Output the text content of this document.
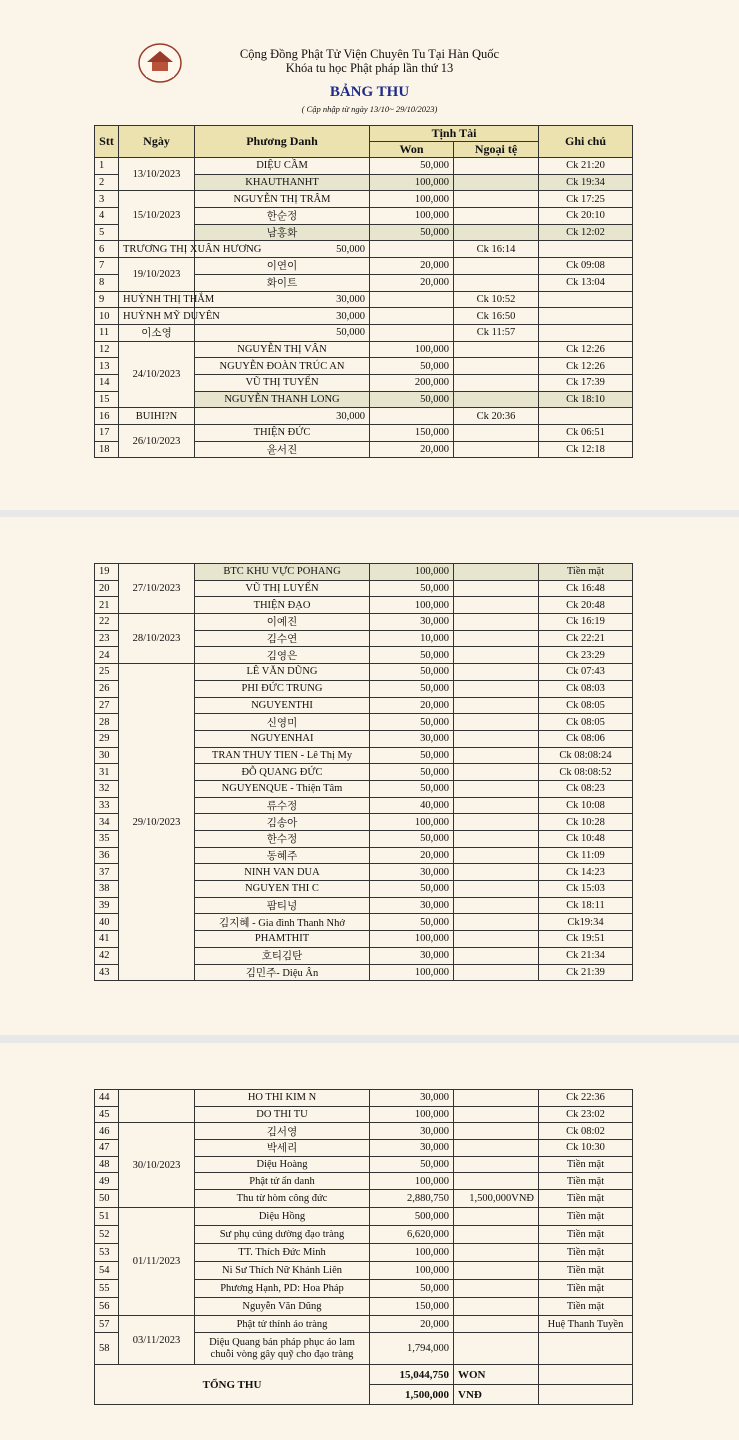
Cộng Đồng Phật Tử Viện Chuyên Tu Tại Hàn Quốc
Khóa tu học Phật pháp lần thứ 13
BẢNG THU
( Cập nhập từ ngày 13/10~ 29/10/2023)
Stt	Ngày	Phương Danh	Tịnh Tài		Ghi chú
			Won	Ngoại tệ	
1	13/10/2023	DIỆU CẦM	50,000		Ck 21:20
2		KHAUTHANHT	100,000		Ck 19:34
3	15/10/2023	NGUYỄN THỊ TRÂM	100,000		Ck 17:25
4		한순정	100,000		Ck 20:10
5		남홍화	50,000		Ck 12:02
6	TRƯƠNG THỊ XUÂN HƯƠNG	50,000		Ck 16:14	
7	19/10/2023	이연이	20,000		Ck 09:08
8		화이트	20,000		Ck 13:04
9	HUỲNH THỊ THẮM	30,000		Ck 10:52	
10	HUỲNH MỸ DUYÊN	30,000		Ck 16:50	
11	이소영	50,000		Ck 11:57	
12	24/10/2023	NGUYỄN THỊ VÂN	100,000		Ck 12:26
13		NGUYỄN ĐOÀN TRÚC AN	50,000		Ck 12:26
14		VŨ THỊ TUYẾN	200,000		Ck 17:39
15		NGUYỄN THANH LONG	50,000		Ck 18:10
16	BUIHI?N	30,000		Ck 20:36	
17	26/10/2023	THIỆN ĐỨC	150,000		Ck 06:51
18		윤서진	20,000		Ck 12:18
19	27/10/2023	BTC KHU VỰC POHANG	100,000		Tiền mặt
20		VŨ THỊ LUYẾN	50,000		Ck 16:48
21		THIỆN ĐẠO	100,000		Ck 20:48
22	28/10/2023	이예진	30,000		Ck 16:19
23		김수연	10,000		Ck 22:21
24		김영은	50,000		Ck 23:29
25	29/10/2023	LÊ VĂN DŨNG	50,000		Ck 07:43
26		PHI ĐỨC TRUNG	50,000		Ck 08:03
27		NGUYENTHI	20,000		Ck 08:05
28		신영미	50,000		Ck 08:05
29		NGUYENHAI	30,000		Ck 08:06
30		TRAN THUY TIEN - Lê Thị My	50,000		Ck 08:08:24
31		ĐỖ QUANG ĐỨC	50,000		Ck 08:08:52
32		NGUYENQUE - Thiện Tâm	50,000		Ck 08:23
33		류수정	40,000		Ck 10:08
34		김송아	100,000		Ck 10:28
35		한수정	50,000		Ck 10:48
36		동혜주	20,000		Ck 11:09
37		NINH VAN DUA	30,000		Ck 14:23
38		NGUYEN THI C	50,000		Ck 15:03
39		팜티넝	30,000		Ck 18:11
40		김지혜 - Gia đình Thanh Nhớ	50,000		Ck19:34
41		PHAMTHIT	100,000		Ck 19:51
42		호티김탄	30,000		Ck 21:34
43		김민주- Diệu Ân	100,000		Ck 21:39
44		HO THI KIM N	30,000		Ck 22:36
45		DO THI TU	100,000		Ck 23:02
46	30/10/2023	김서영	30,000		Ck 08:02
47		박세리	30,000		Ck 10:30
48		Diệu Hoàng	50,000		Tiền mặt
49		Phật tử ẩn danh	100,000		Tiền mặt
50		Thu từ hòm công đức	2,880,750	1,500,000VNĐ	Tiền mặt
51	01/11/2023	Diệu Hồng	500,000		Tiền mặt
52		Sư phụ cúng dường đạo tràng	6,620,000		Tiền mặt
53		TT. Thích Đức Minh	100,000		Tiền mặt
54		Ni Sư Thích Nữ Khánh Liên	100,000		Tiền mặt
55		Phương Hạnh, PD: Hoa Pháp	50,000		Tiền mặt
56		Nguyễn Văn Dũng	150,000		Tiền mặt
57	03/11/2023	Phật tử thỉnh áo tràng	20,000		Huệ Thanh Tuyền
58		Diệu Quang bán pháp phục áo lam chuỗi vòng gây quỹ cho đạo tràng	1,794,000		
TỔNG THU			15,044,750	WON	
			1,500,000	VNĐ	
